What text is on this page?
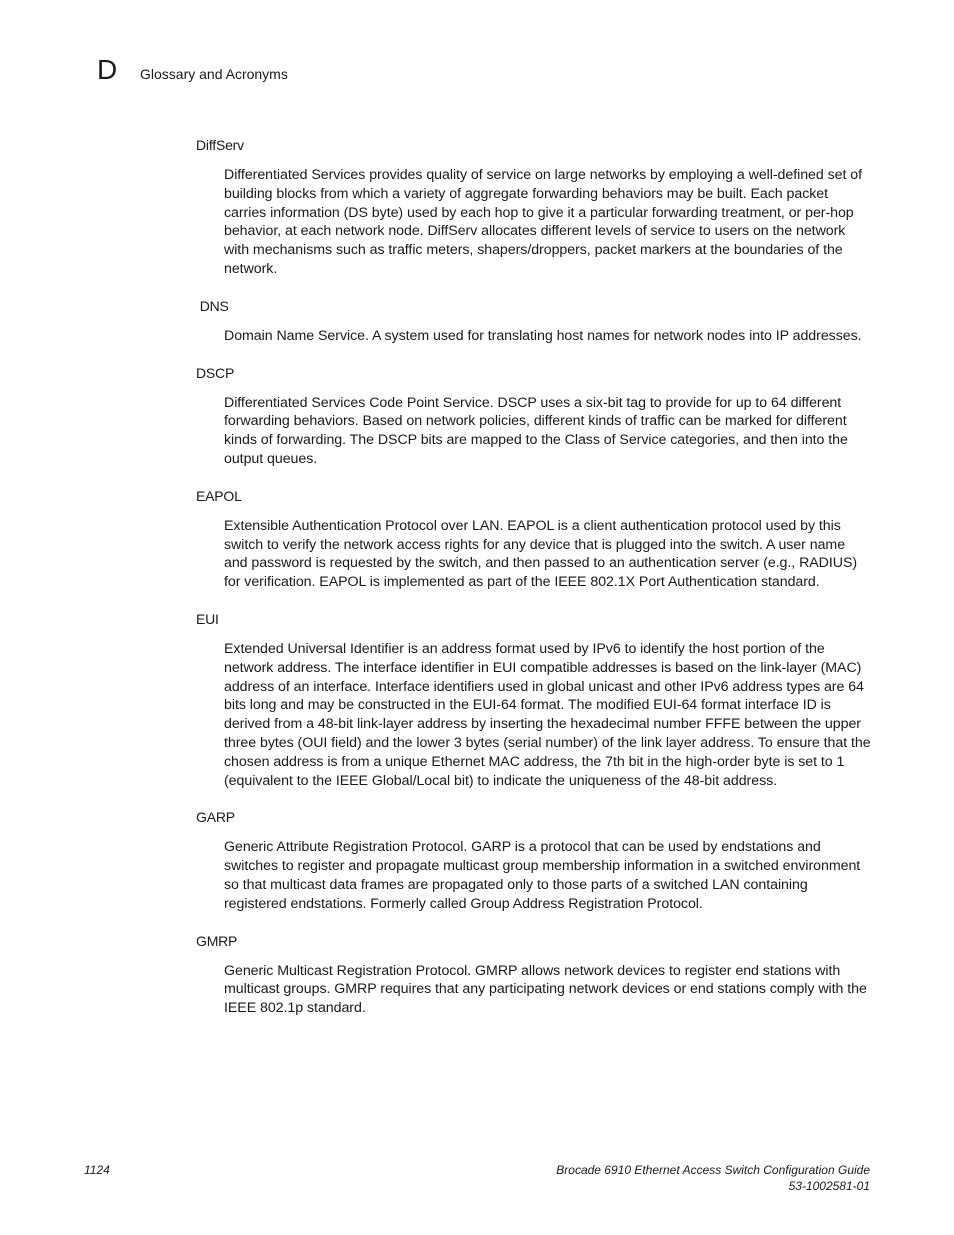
D	Glossary and Acronyms
DiffServ

Differentiated Services provides quality of service on large networks by employing a well-defined set of building blocks from which a variety of aggregate forwarding behaviors may be built. Each packet carries information (DS byte) used by each hop to give it a particular forwarding treatment, or per-hop behavior, at each network node. DiffServ allocates different levels of service to users on the network with mechanisms such as traffic meters, shapers/droppers, packet markers at the boundaries of the network.

DNS

Domain Name Service. A system used for translating host names for network nodes into IP addresses.

DSCP

Differentiated Services Code Point Service. DSCP uses a six-bit tag to provide for up to 64 different forwarding behaviors. Based on network policies, different kinds of traffic can be marked for different kinds of forwarding. The DSCP bits are mapped to the Class of Service categories, and then into the output queues.

EAPOL

Extensible Authentication Protocol over LAN. EAPOL is a client authentication protocol used by this switch to verify the network access rights for any device that is plugged into the switch. A user name and password is requested by the switch, and then passed to an authentication server (e.g., RADIUS) for verification. EAPOL is implemented as part of the IEEE 802.1X Port Authentication standard.

EUI

Extended Universal Identifier is an address format used by IPv6 to identify the host portion of the network address. The interface identifier in EUI compatible addresses is based on the link-layer (MAC) address of an interface. Interface identifiers used in global unicast and other IPv6 address types are 64 bits long and may be constructed in the EUI-64 format. The modified EUI-64 format interface ID is derived from a 48-bit link-layer address by inserting the hexadecimal number FFFE between the upper three bytes (OUI field) and the lower 3 bytes (serial number) of the link layer address. To ensure that the chosen address is from a unique Ethernet MAC address, the 7th bit in the high-order byte is set to 1 (equivalent to the IEEE Global/Local bit) to indicate the uniqueness of the 48-bit address.

GARP

Generic Attribute Registration Protocol. GARP is a protocol that can be used by endstations and switches to register and propagate multicast group membership information in a switched environment so that multicast data frames are propagated only to those parts of a switched LAN containing registered endstations. Formerly called Group Address Registration Protocol.

GMRP

Generic Multicast Registration Protocol. GMRP allows network devices to register end stations with multicast groups. GMRP requires that any participating network devices or end stations comply with the IEEE 802.1p standard.

1124	Brocade 6910 Ethernet Access Switch Configuration Guide
53-1002581-01
